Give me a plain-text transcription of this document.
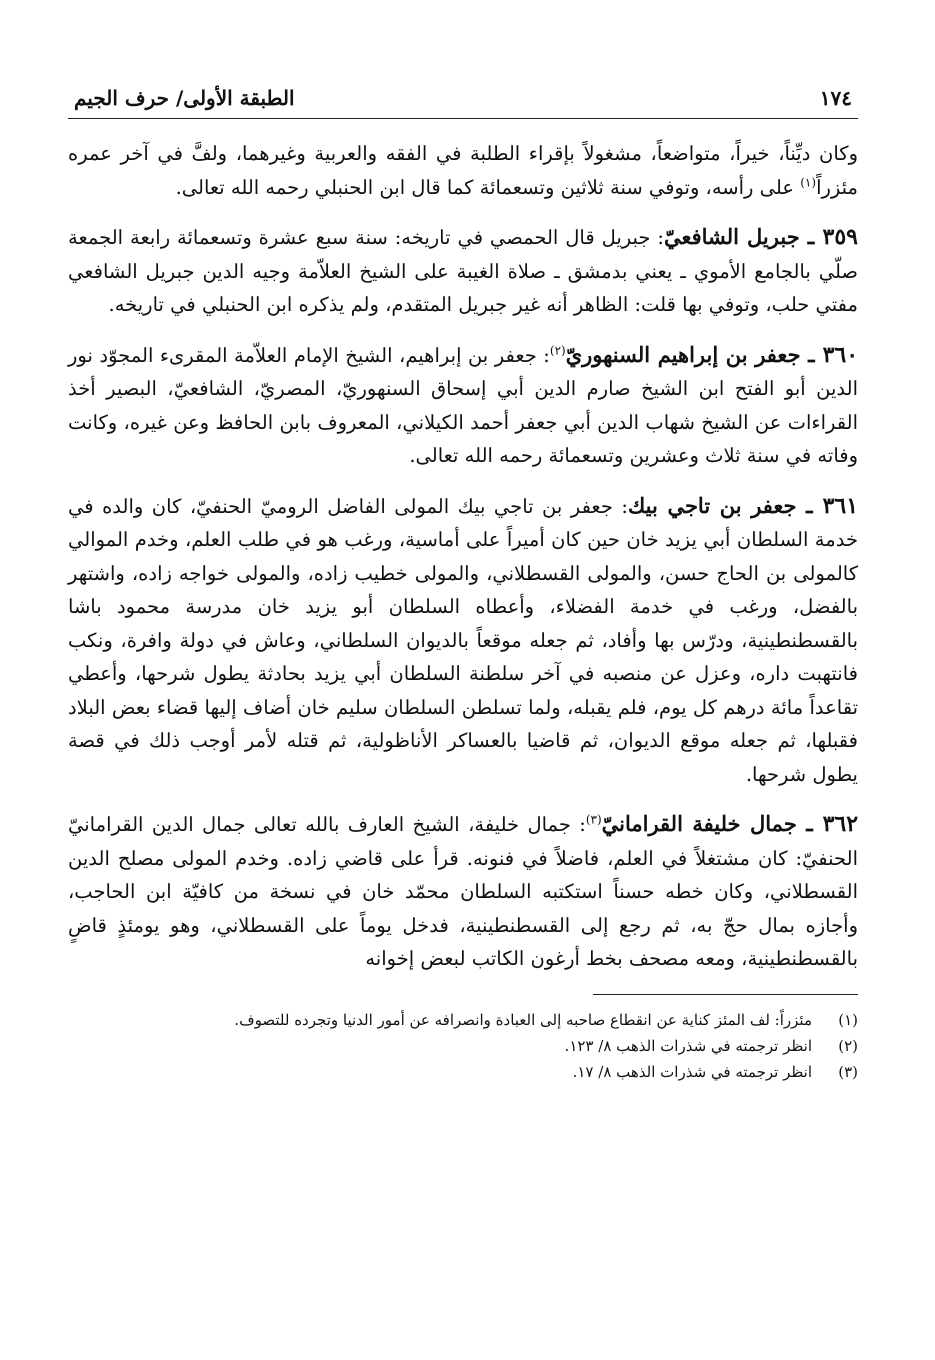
١٧٤
الطبقة الأولى/ حرف الجيم

وكان ديِّناً، خيراً، متواضعاً، مشغولاً بإقراء الطلبة في الفقه والعربية وغيرهما، ولفَّ في آخر عمره مئزراً$^{(١)}$ على رأسه، وتوفي سنة ثلاثين وتسعمائة كما قال ابن الحنبلي رحمه الله تعالى.

٣٥٩ ـ جبريل الشافعيّ: جبريل قال الحمصي في تاريخه: سنة سبع عشرة وتسعمائة رابعة الجمعة صلّي بالجامع الأموي ـ يعني بدمشق ـ صلاة الغيبة على الشيخ العلاّمة وجيه الدين جبريل الشافعي مفتي حلب، وتوفي بها قلت: الظاهر أنه غير جبريل المتقدم، ولم يذكره ابن الحنبلي في تاريخه.

٣٦٠ ـ جعفر بن إبراهيم السنهوريّ$^{(٢)}$: جعفر بن إبراهيم، الشيخ الإمام العلاّمة المقرىء المجوّد نور الدين أبو الفتح ابن الشيخ صارم الدين أبي إسحاق السنهوريّ، المصريّ، الشافعيّ، البصير أخذ القراءات عن الشيخ شهاب الدين أبي جعفر أحمد الكيلاني، المعروف بابن الحافظ وعن غيره، وكانت وفاته في سنة ثلاث وعشرين وتسعمائة رحمه الله تعالى.

٣٦١ ـ جعفر بن تاجي بيك: جعفر بن تاجي بيك المولى الفاضل الروميّ الحنفيّ، كان والده في خدمة السلطان أبي يزيد خان حين كان أميراً على أماسية، ورغب هو في طلب العلم، وخدم الموالي كالمولى بن الحاج حسن، والمولى القسطلاني، والمولى خطيب زاده، والمولى خواجه زاده، واشتهر بالفضل، ورغب في خدمة الفضلاء، وأعطاه السلطان أبو يزيد خان مدرسة محمود باشا بالقسطنطينية، ودرّس بها وأفاد، ثم جعله موقعاً بالديوان السلطاني، وعاش في دولة وافرة، ونكب فانتهبت داره، وعزل عن منصبه في آخر سلطنة السلطان أبي يزيد بحادثة يطول شرحها، وأعطي تقاعداً مائة درهم كل يوم، فلم يقبله، ولما تسلطن السلطان سليم خان أضاف إليها قضاء بعض البلاد فقبلها، ثم جعله موقع الديوان، ثم قاضيا بالعساكر الأناظولية، ثم قتله لأمر أوجب ذلك في قصة يطول شرحها.

٣٦٢ ـ جمال خليفة القرامانيّ$^{(٣)}$: جمال خليفة، الشيخ العارف بالله تعالى جمال الدين القرامانيّ الحنفيّ: كان مشتغلاً في العلم، فاضلاً في فنونه. قرأ على قاضي زاده. وخدم المولى مصلح الدين القسطلاني، وكان خطه حسناً استكتبه السلطان محمّد خان في نسخة من كافيّة ابن الحاجب، وأجازه بمال حجّ به، ثم رجع إلى القسطنطينية، فدخل يوماً على القسطلاني، وهو يومئذٍ قاضٍ بالقسطنطينية، ومعه مصحف بخط أرغون الكاتب لبعض إخوانه

(١)
مئزراً: لف المئز كناية عن انقطاع صاحبه إلى العبادة وانصرافه عن أمور الدنيا وتجرده للتصوف.
(٢)
انظر ترجمته في شذرات الذهب ٨/ ١٢٣.
(٣)
انظر ترجمته في شذرات الذهب ٨/ ١٧.
